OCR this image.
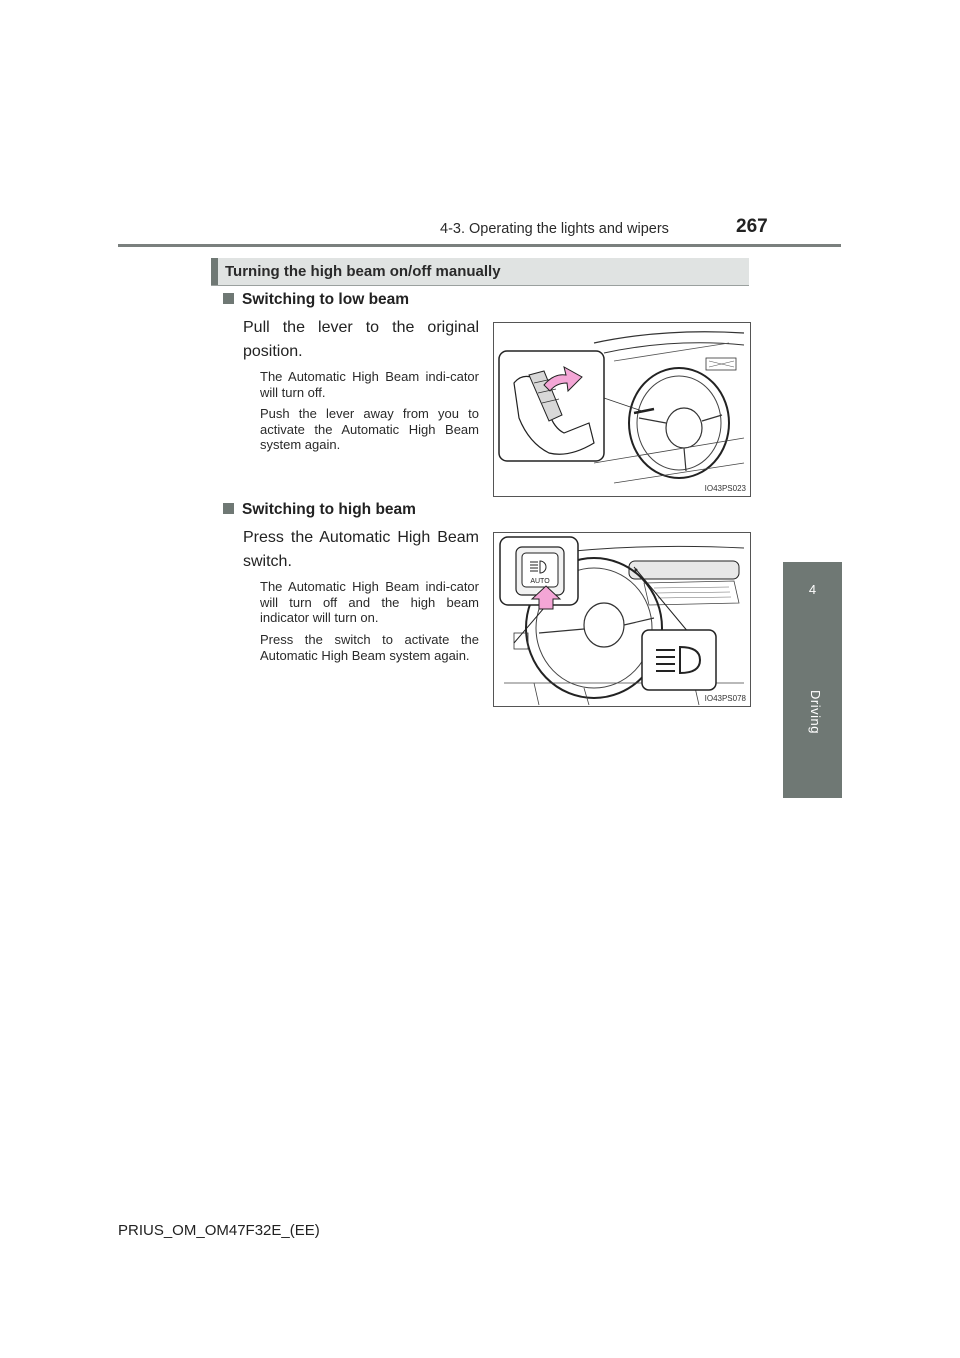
4-3. Operating the lights and wipers	267
4
Driving
Turning the high beam on/off manually
Switching to low beam
Pull the lever to the original position.
The Automatic High Beam indi-cator will turn off.
Push the lever away from you to activate the Automatic High Beam system again.
IO43PS023
Switching to high beam
Press the Automatic High Beam switch.
The Automatic High Beam indi-cator will turn off and the high beam indicator will turn on.
Press the switch to activate the Automatic High Beam system again.
AUTO
IO43PS078
PRIUS_OM_OM47F32E_(EE)
